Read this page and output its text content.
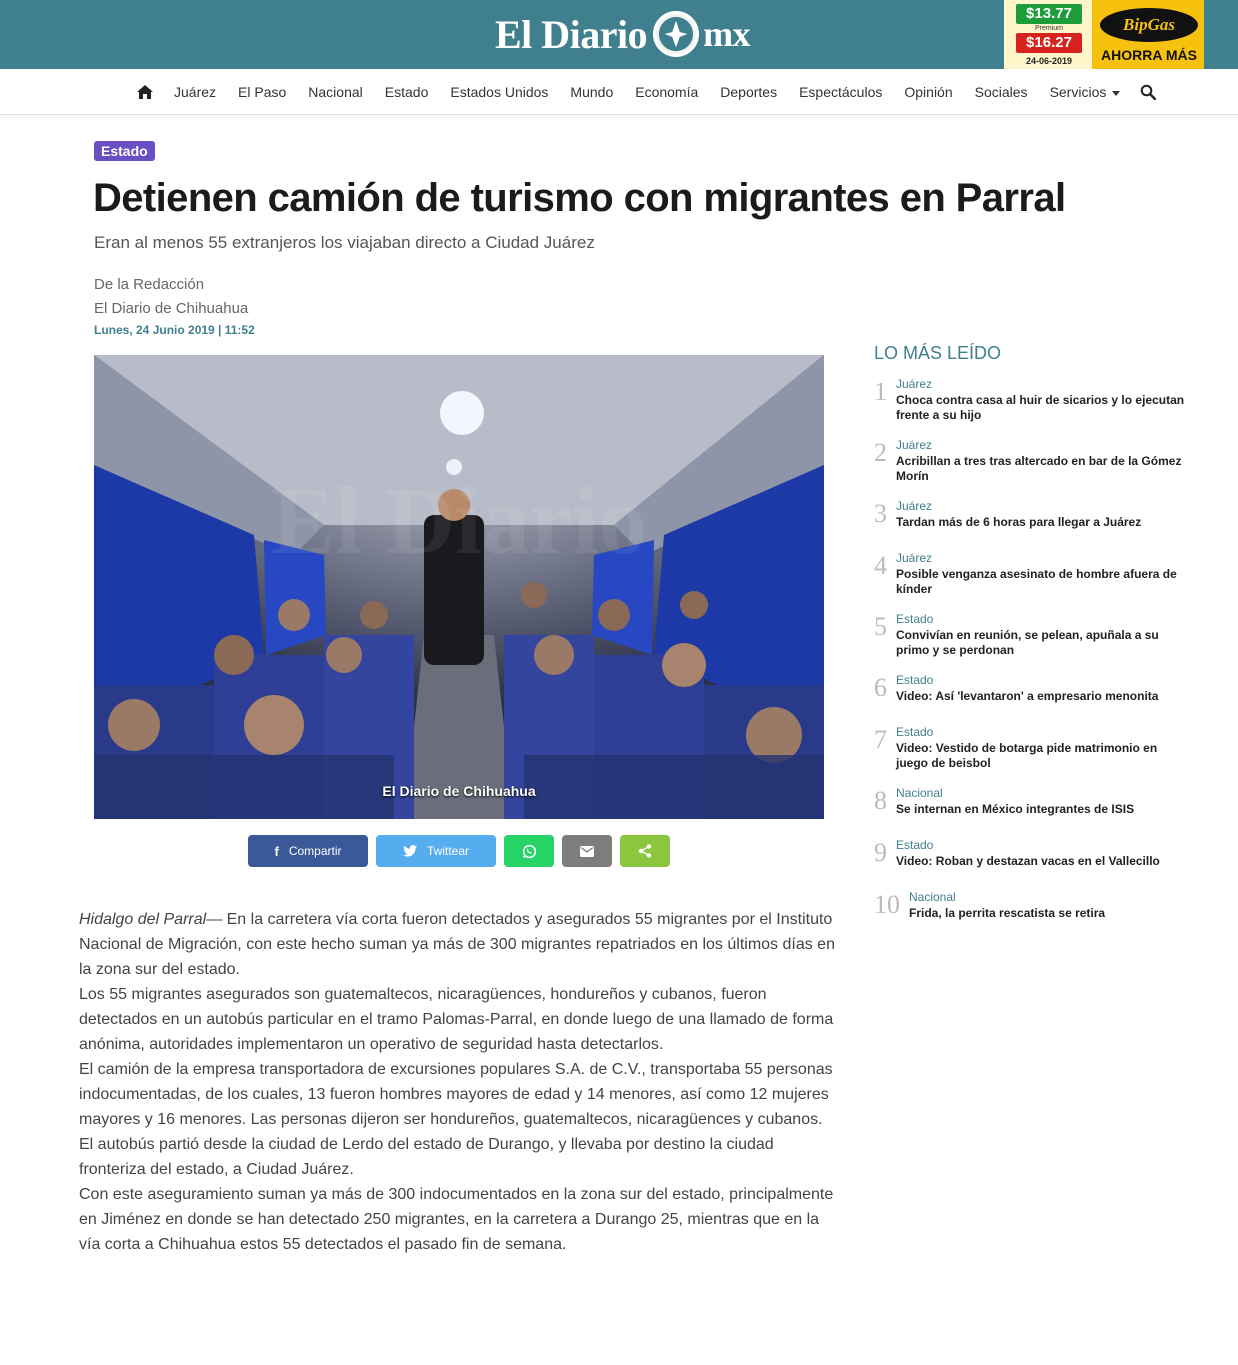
El Diario mx
$13.77
Premium
$16.27
24-06-2019
BipGas
AHORRA MÁS
Juárez El Paso Nacional Estado Estados Unidos Mundo Economía Deportes Espectáculos Opinión Sociales Servicios
Estado
Detienen camión de turismo con migrantes en Parral
Eran al menos 55 extranjeros los viajaban directo a Ciudad Juárez
De la Redacción
El Diario de Chihuahua
Lunes, 24 Junio 2019 | 11:52
El Diario
El Diario de Chihuahua
f Compartir	Twittear

Hidalgo del Parral— En la carretera vía corta fueron detectados y asegurados 55 migrantes por el Instituto Nacional de Migración, con este hecho suman ya más de 300 migrantes repatriados en los últimos días en la zona sur del estado.

Los 55 migrantes asegurados son guatemaltecos, nicaragüences, hondureños y cubanos, fueron detectados en un autobús particular en el tramo Palomas-Parral, en donde luego de una llamado de forma anónima, autoridades implementaron un operativo de seguridad hasta detectarlos.

El camión de la empresa transportadora de excursiones populares S.A. de C.V., transportaba 55 personas indocumentadas, de los cuales, 13 fueron hombres mayores de edad y 14 menores, así como 12 mujeres mayores y 16 menores. Las personas dijeron ser hondureños, guatemaltecos, nicaragüences y cubanos.

El autobús partió desde la ciudad de Lerdo del estado de Durango, y llevaba por destino la ciudad fronteriza del estado, a Ciudad Juárez.

Con este aseguramiento suman ya más de 300 indocumentados en la zona sur del estado, principalmente en Jiménez en donde se han detectado 250 migrantes, en la carretera a Durango 25, mientras que en la vía corta a Chihuahua estos 55 detectados el pasado fin de semana.

LO MÁS LEÍDO
1 Juárez
Choca contra casa al huir de sicarios y lo ejecutan frente a su hijo
2 Juárez
Acribillan a tres tras altercado en bar de la Gómez Morín
3 Juárez
Tardan más de 6 horas para llegar a Juárez
4 Juárez
Posible venganza asesinato de hombre afuera de kínder
5 Estado
Convivían en reunión, se pelean, apuñala a su primo y se perdonan
6 Estado
Video: Así 'levantaron' a empresario menonita
7 Estado
Video: Vestido de botarga pide matrimonio en juego de beisbol
8 Nacional
Se internan en México integrantes de ISIS
9 Estado
Video: Roban y destazan vacas en el Vallecillo
10 Nacional
Frida, la perrita rescatista se retira
